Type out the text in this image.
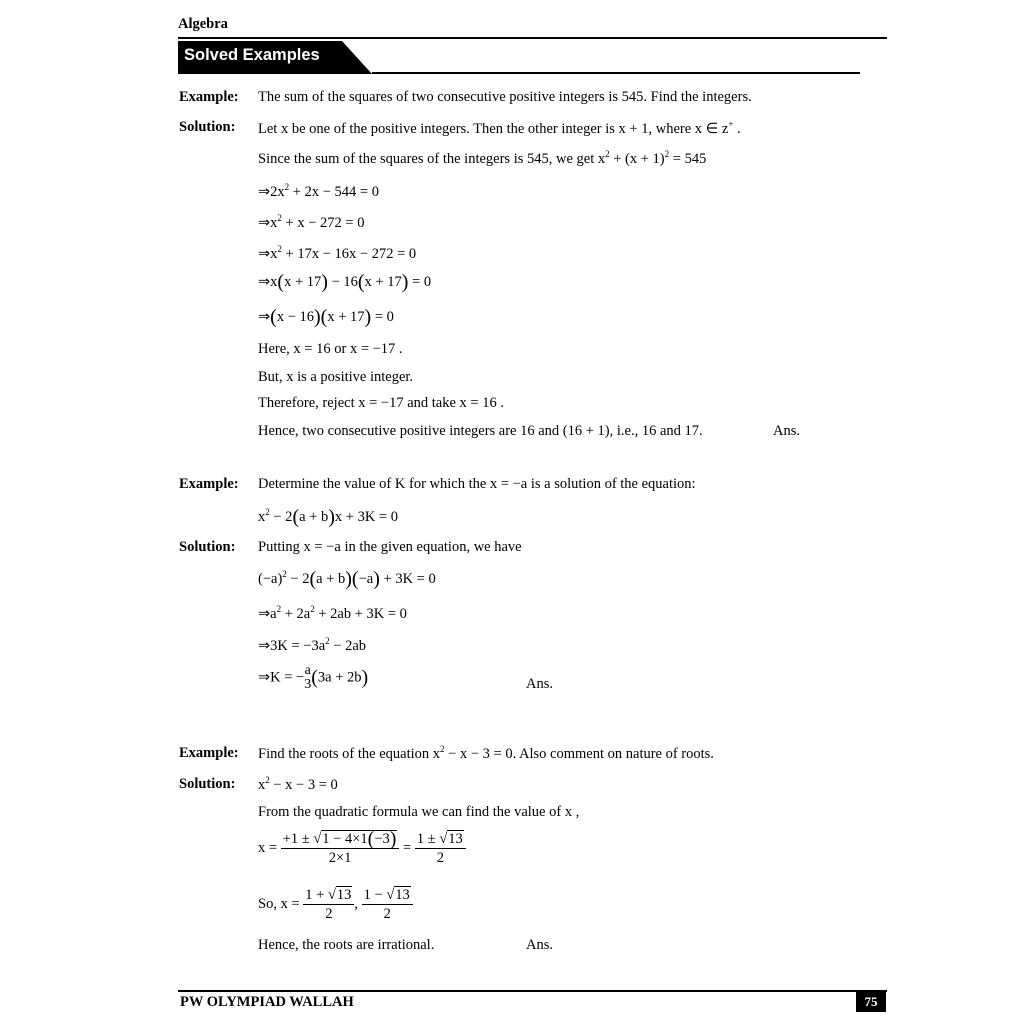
Algebra
Solved Examples
Example: The sum of the squares of two consecutive positive integers is 545. Find the integers.
Solution: Let x be one of the positive integers. Then the other integer is x + 1, where x ∈ z+ .
Since the sum of the squares of the integers is 545, we get $x^2 + (x + 1)^2 = 545$
$\Rightarrow 2x^2 + 2x - 544 = 0$
$\Rightarrow x^2 + x - 272 = 0$
$\Rightarrow x^2 + 17x - 16x - 272 = 0$
⇒x(x + 17) − 16(x + 17) = 0
⇒(x − 16)(x + 17) = 0
Here, x = 16 or x = −17 .
But, x is a positive integer.
Therefore, reject x = −17 and take x = 16 .
Hence, two consecutive positive integers are 16 and (16 + 1), i.e., 16 and 17.	Ans.
Example: Determine the value of K for which the x = −a is a solution of the equation:
$x^2 - 2(a + b)x + 3K = 0$
Solution: Putting x = −a in the given equation, we have
$(-a)^2 - 2(a + b)(-a) + 3K = 0$
$\Rightarrow a^2 + 2a^2 + 2ab + 3K = 0$
⇒3K = $-3a^2 - 2ab$
⇒K = − a
3 (3a + 2b)	Ans.
Example: Find the roots of the equation $x^2 - x - 3 = 0$. Also comment on nature of roots.
Solution: $x^2 - x - 3 = 0$
From the quadratic formula we can find the value of x ,
$x = \frac{+1 \pm √1 - 4\times 1(-3)}{2\times 1} = \frac{1 \pm √13}{2}$
So, $x = \frac{1 + √13}{2}$ , $\frac{1 - √13}{2}$
Hence, the roots are irrational.	Ans.
PW OLYMPIAD WALLAH	75
